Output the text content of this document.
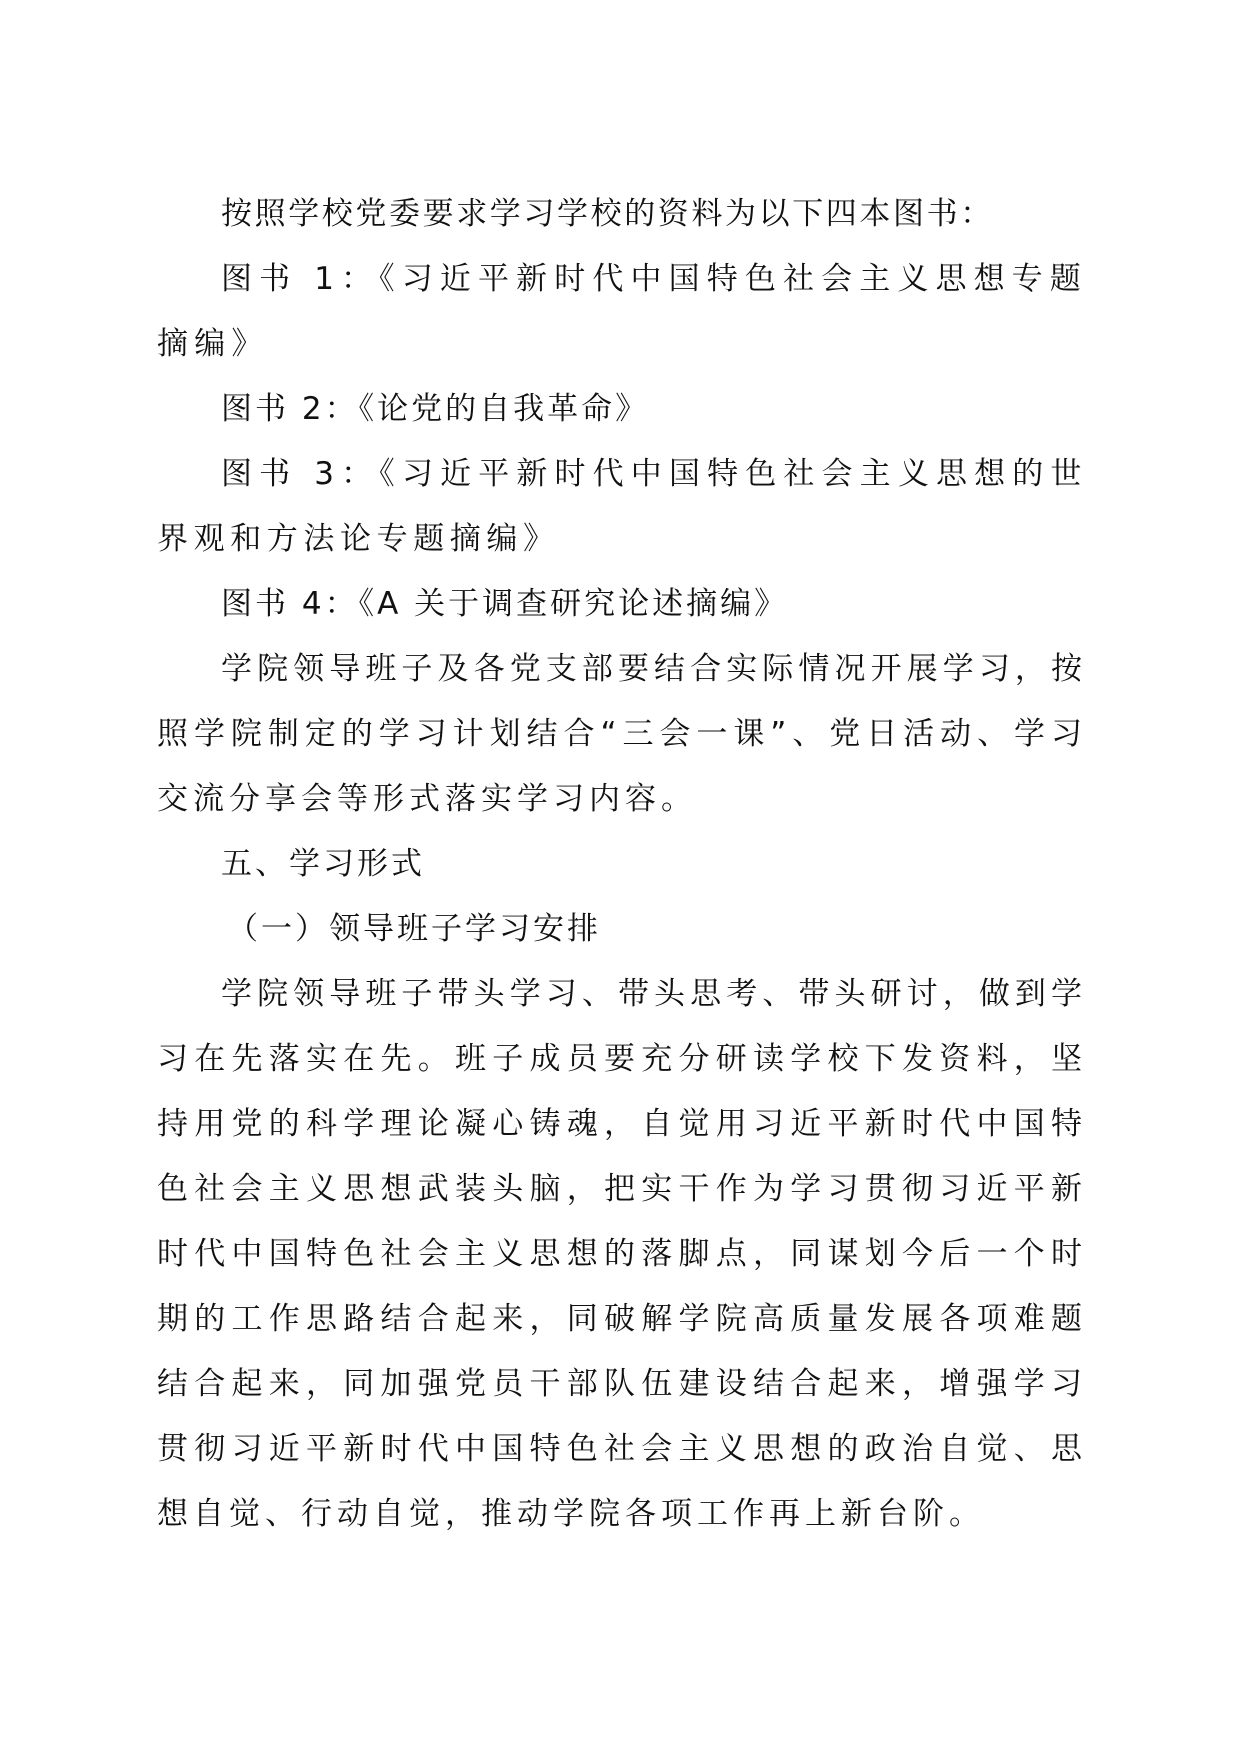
按照学校党委要求学习学校的资料为以下四本图书：

图书 1：《习近平新时代中国特色社会主义思想专题摘编》

图书 2：《论党的自我革命》

图书 3：《习近平新时代中国特色社会主义思想的世界观和方法论专题摘编》

图书 4：《A 关于调查研究论述摘编》

学院领导班子及各党支部要结合实际情况开展学习，按照学院制定的学习计划结合“三会一课”、党日活动、学习交流分享会等形式落实学习内容。

五、学习形式

（一）领导班子学习安排

学院领导班子带头学习、带头思考、带头研讨，做到学习在先落实在先。班子成员要充分研读学校下发资料，坚持用党的科学理论凝心铸魂，自觉用习近平新时代中国特色社会主义思想武装头脑，把实干作为学习贯彻习近平新时代中国特色社会主义思想的落脚点，同谋划今后一个时期的工作思路结合起来，同破解学院高质量发展各项难题结合起来，同加强党员干部队伍建设结合起来，增强学习贯彻习近平新时代中国特色社会主义思想的政治自觉、思想自觉、行动自觉，推动学院各项工作再上新台阶。
